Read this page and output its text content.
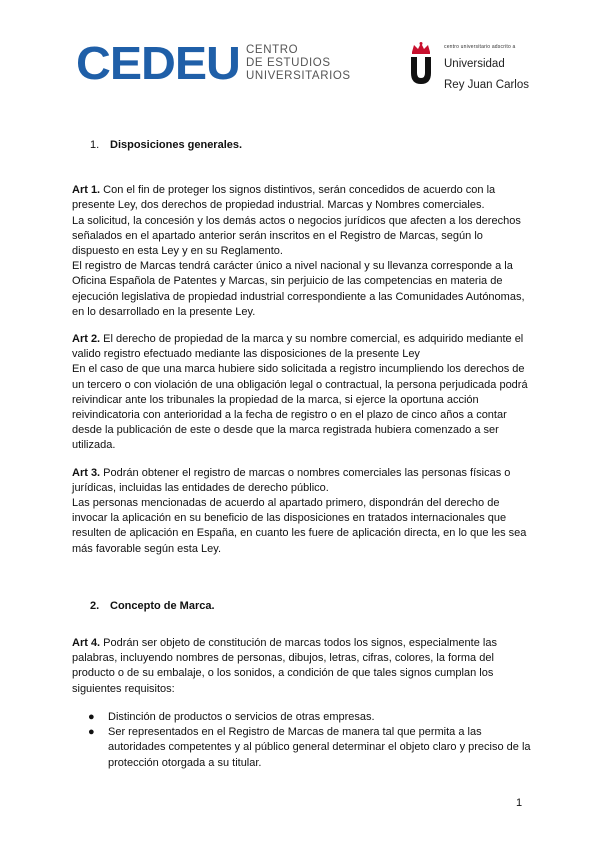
CEDEU CENTRO
DE ESTUDIOS
UNIVERSITARIOS
centro universitario adscrito a
Universidad
Rey Juan Carlos
1. Disposiciones generales.

Art 1. Con el fin de proteger los signos distintivos, serán concedidos de acuerdo con la presente Ley, dos derechos de propiedad industrial. Marcas y Nombres comerciales.

La solicitud, la concesión y los demás actos o negocios jurídicos que afecten a los derechos señalados en el apartado anterior serán inscritos en el Registro de Marcas, según lo dispuesto en esta Ley y en su Reglamento.

El registro de Marcas tendrá carácter único a nivel nacional y su llevanza corresponde a la Oficina Española de Patentes y Marcas, sin perjuicio de las competencias en materia de ejecución legislativa de propiedad industrial correspondiente a las Comunidades Autónomas, en lo desarrollado en la presente Ley.

Art 2. El derecho de propiedad de la marca y su nombre comercial, es adquirido mediante el valido registro efectuado mediante las disposiciones de la presente Ley

En el caso de que una marca hubiere sido solicitada a registro incumpliendo los derechos de un tercero o con violación de una obligación legal o contractual, la persona perjudicada podrá reivindicar ante los tribunales la propiedad de la marca, si ejerce la oportuna acción reivindicatoria con anterioridad a la fecha de registro o en el plazo de cinco años a contar desde la publicación de este o desde que la marca registrada hubiera comenzado a ser utilizada.

Art 3. Podrán obtener el registro de marcas o nombres comerciales las personas físicas o jurídicas, incluidas las entidades de derecho público.

Las personas mencionadas de acuerdo al apartado primero, dispondrán del derecho de invocar la aplicación en su beneficio de las disposiciones en tratados internacionales que resulten de aplicación en España, en cuanto les fuere de aplicación directa, en lo que les sea más favorable según esta Ley.

2. Concepto de Marca.

Art 4. Podrán ser objeto de constitución de marcas todos los signos, especialmente las palabras, incluyendo nombres de personas, dibujos, letras, cifras, colores, la forma del producto o de su embalaje, o los sonidos, a condición de que tales signos cumplan los siguientes requisitos:

● Distinción de productos o servicios de otras empresas.
● Ser representados en el Registro de Marcas de manera tal que permita a las autoridades competentes y al público general determinar el objeto claro y preciso de la protección otorgada a su titular.
1
